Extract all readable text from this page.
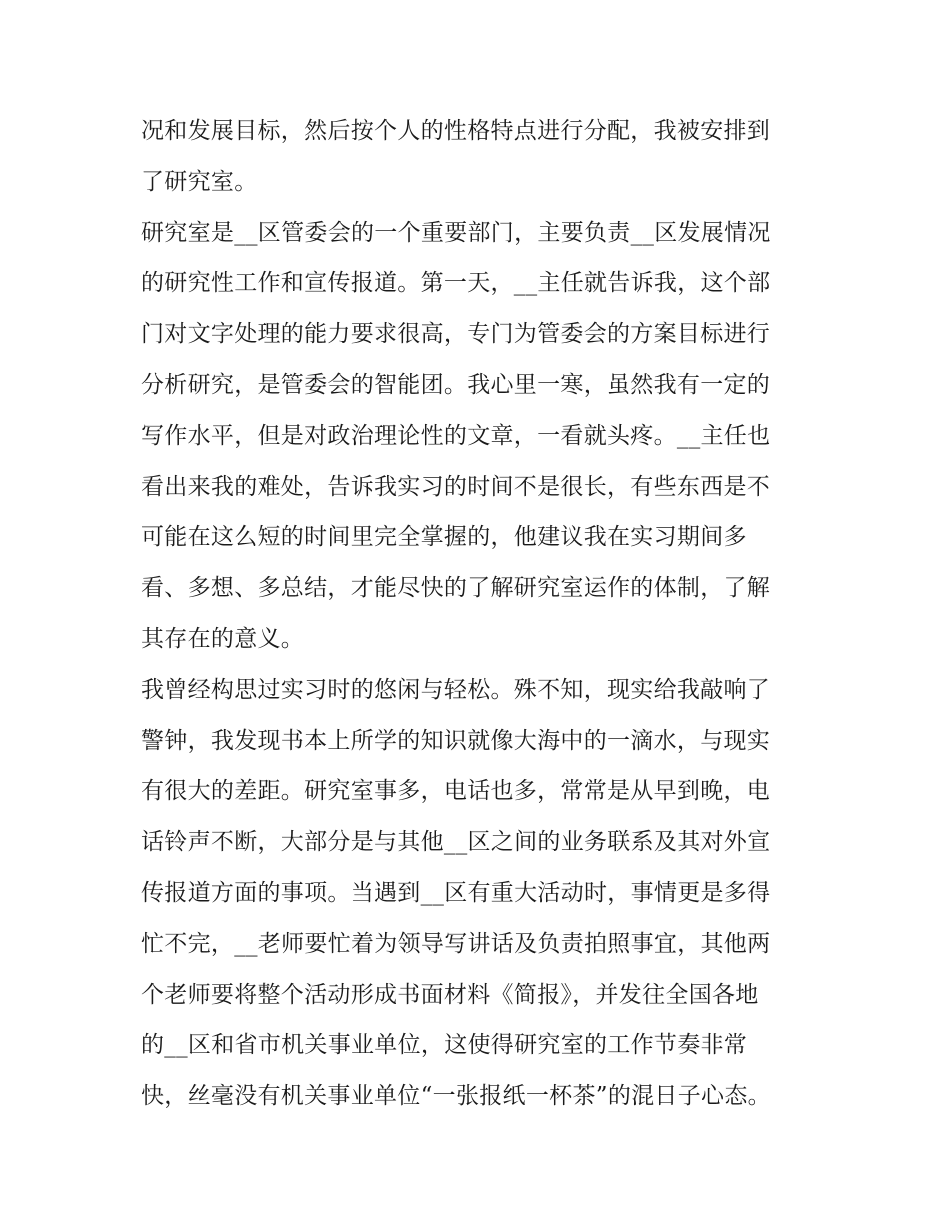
况和发展目标，然后按个人的性格特点进行分配，我被安排到
了研究室。
研究室是__区管委会的一个重要部门，主要负责__区发展情况
的研究性工作和宣传报道。第一天，__主任就告诉我，这个部
门对文字处理的能力要求很高，专门为管委会的方案目标进行
分析研究，是管委会的智能团。我心里一寒，虽然我有一定的
写作水平，但是对政治理论性的文章，一看就头疼。__主任也
看出来我的难处，告诉我实习的时间不是很长，有些东西是不
可能在这么短的时间里完全掌握的，他建议我在实习期间多
看、多想、多总结，才能尽快的了解研究室运作的体制，了解
其存在的意义。
我曾经构思过实习时的悠闲与轻松。殊不知，现实给我敲响了
警钟，我发现书本上所学的知识就像大海中的一滴水，与现实
有很大的差距。研究室事多，电话也多，常常是从早到晚，电
话铃声不断，大部分是与其他__区之间的业务联系及其对外宣
传报道方面的事项。当遇到__区有重大活动时，事情更是多得
忙不完，__老师要忙着为领导写讲话及负责拍照事宜，其他两
个老师要将整个活动形成书面材料《简报》，并发往全国各地
的__区和省市机关事业单位，这使得研究室的工作节奏非常
快，丝毫没有机关事业单位“一张报纸一杯茶”的混日子心态。
